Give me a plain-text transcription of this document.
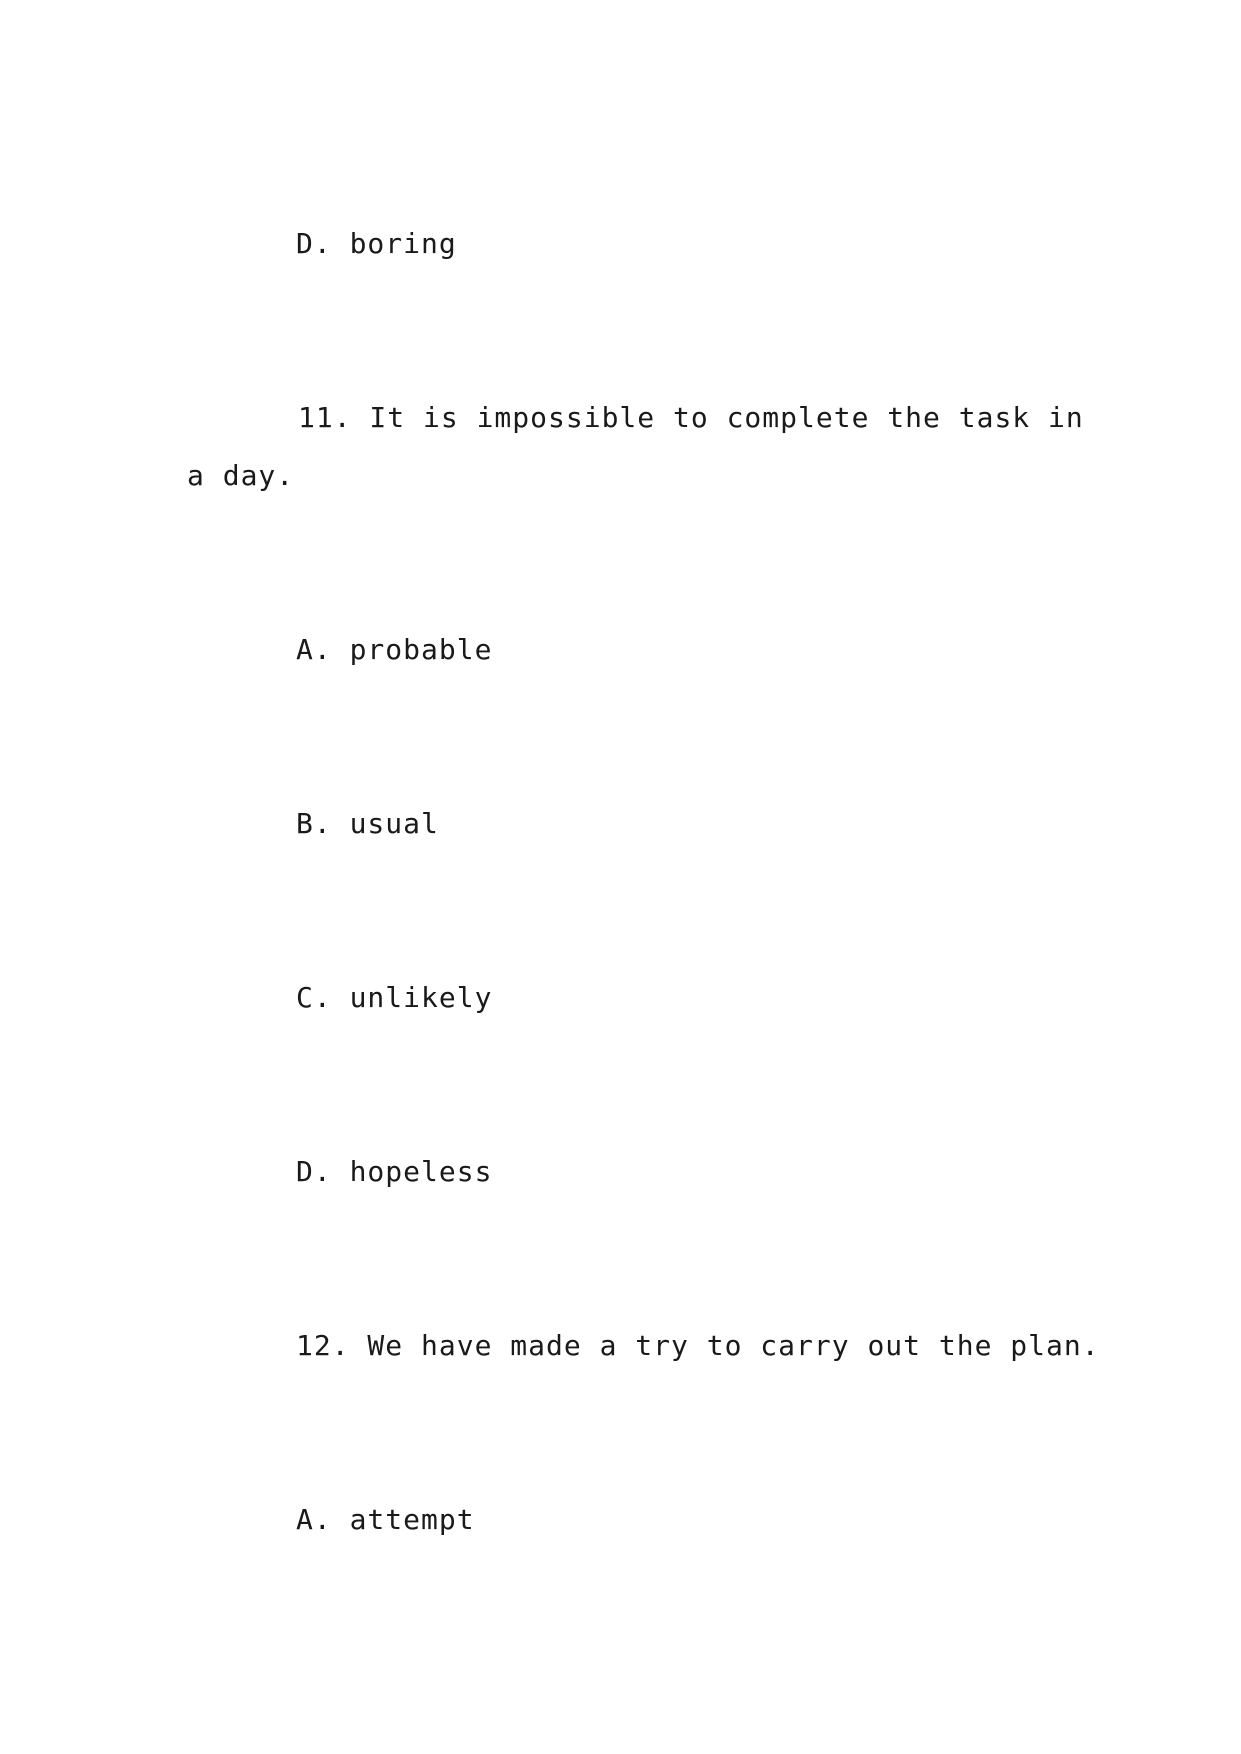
D. boring
11. It is impossible to complete the task in
a day.
A. probable
B. usual
C. unlikely
D. hopeless
12. We have made a try to carry out the plan.
A. attempt
